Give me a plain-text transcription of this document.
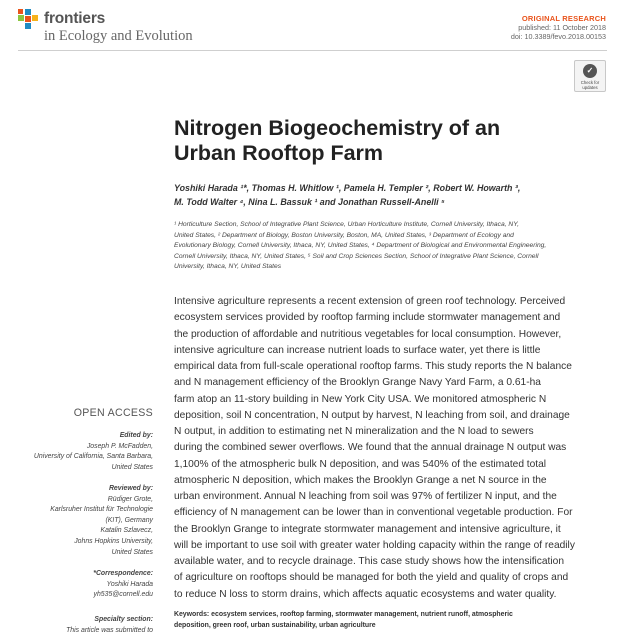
frontiers
in Ecology and Evolution
ORIGINAL RESEARCH
published: 11 October 2018
doi: 10.3389/fevo.2018.00153
✓
Check for
updates
Nitrogen Biogeochemistry of an
Urban Rooftop Farm
Yoshiki Harada ¹*, Thomas H. Whitlow ¹, Pamela H. Templer ², Robert W. Howarth ³,
M. Todd Walter ⁴, Nina L. Bassuk ¹ and Jonathan Russell-Anelli ⁵
¹ Horticulture Section, School of Integrative Plant Science, Urban Horticulture Institute, Cornell University, Ithaca, NY,
United States, ² Department of Biology, Boston University, Boston, MA, United States, ³ Department of Ecology and
Evolutionary Biology, Cornell University, Ithaca, NY, United States, ⁴ Department of Biological and Environmental Engineering,
Cornell University, Ithaca, NY, United States, ⁵ Soil and Crop Sciences Section, School of Integrative Plant Science, Cornell
University, Ithaca, NY, United States
Intensive agriculture represents a recent extension of green roof technology. Perceived
ecosystem services provided by rooftop farming include stormwater management and
the production of affordable and nutritious vegetables for local consumption. However,
intensive agriculture can increase nutrient loads to surface water, yet there is little
empirical data from full-scale operational rooftop farms. This study reports the N balance
and N management efficiency of the Brooklyn Grange Navy Yard Farm, a 0.61-ha
farm atop an 11-story building in New York City USA. We monitored atmospheric N
deposition, soil N concentration, N output by harvest, N leaching from soil, and drainage
N output, in addition to estimating net N mineralization and the N load to sewers
during the combined sewer overflows. We found that the annual drainage N output was
1,100% of the atmospheric bulk N deposition, and was 540% of the estimated total
atmospheric N deposition, which makes the Brooklyn Grange a net N source in the
urban environment. Annual N leaching from soil was 97% of fertilizer N input, and the
efficiency of N management can be lower than in conventional vegetable production. For
the Brooklyn Grange to integrate stormwater management and intensive agriculture, it
will be important to use soil with greater water holding capacity within the range of readily
available water, and to recycle drainage. This case study shows how the intensification
of agriculture on rooftops should be managed for both the yield and quality of crops and
to reduce N loss to storm drains, which affects aquatic ecosystems and water quality.
Keywords: ecosystem services, rooftop farming, stormwater management, nutrient runoff, atmospheric
deposition, green roof, urban sustainability, urban agriculture
OPEN ACCESS
Edited by:
Joseph P. McFadden,
University of California, Santa Barbara,
United States
Reviewed by:
Rüdiger Grote,
Karlsruher Institut für Technologie
(KIT), Germany
Katalin Szlavecz,
Johns Hopkins University,
United States
*Correspondence:
Yoshiki Harada
yh535@cornell.edu
Specialty section:
This article was submitted to
